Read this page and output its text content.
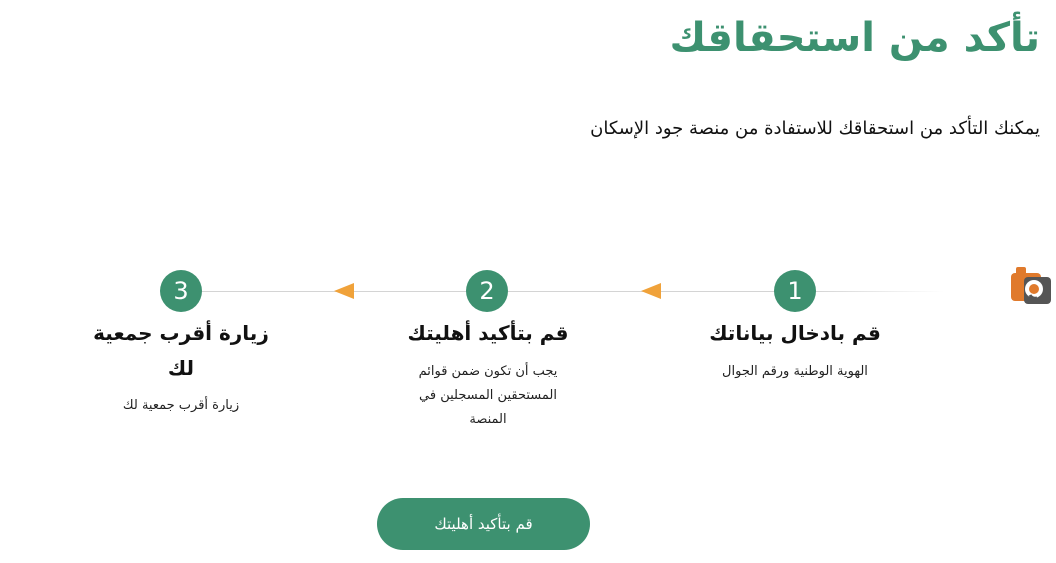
تأكد من استحقاقك

يمكنك التأكد من استحقاقك للاستفادة من منصة جود الإسكان

1
قم بادخال بياناتك

الهوية الوطنية ورقم الجوال

2
قم بتأكيد أهليتك

يجب أن تكون ضمن قوائم المستحقين المسجلين في المنصة

3
زيارة أقرب جمعية لك

زيارة أقرب جمعية لك

قم بتأكيد أهليتك
